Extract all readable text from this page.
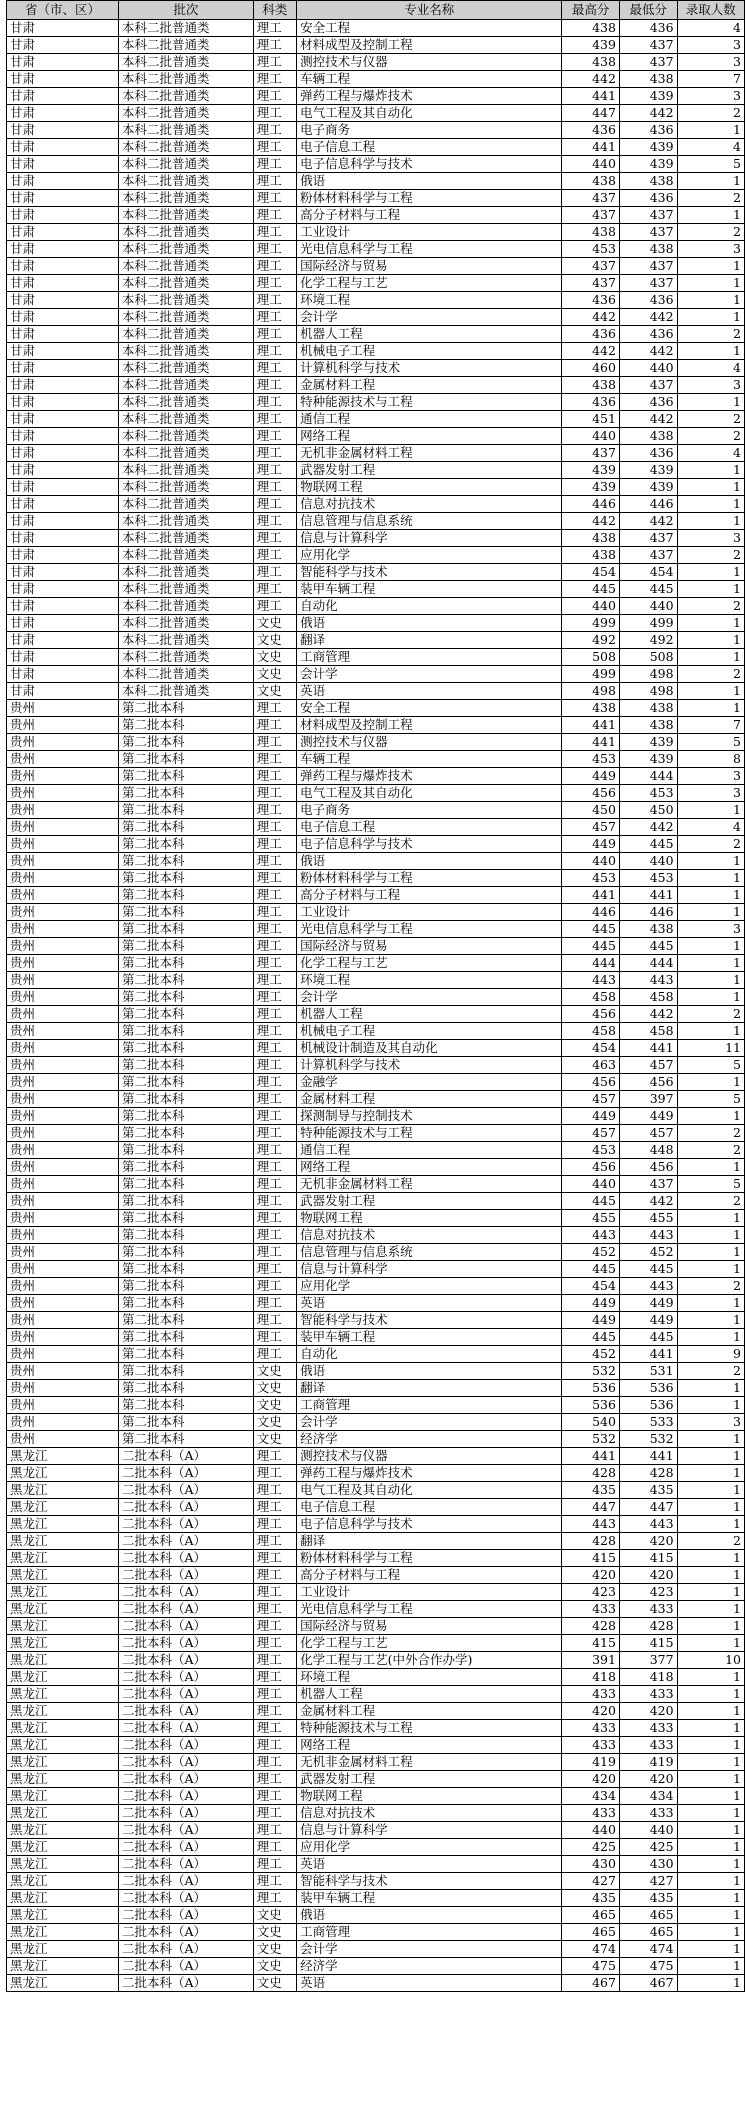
省（市、区）	批次	科类	专业名称	最高分	最低分	录取人数
甘肃	本科二批普通类	理工	安全工程	438	436	4
甘肃	本科二批普通类	理工	材料成型及控制工程	439	437	3
甘肃	本科二批普通类	理工	测控技术与仪器	438	437	3
甘肃	本科二批普通类	理工	车辆工程	442	438	7
甘肃	本科二批普通类	理工	弹药工程与爆炸技术	441	439	3
甘肃	本科二批普通类	理工	电气工程及其自动化	447	442	2
甘肃	本科二批普通类	理工	电子商务	436	436	1
甘肃	本科二批普通类	理工	电子信息工程	441	439	4
甘肃	本科二批普通类	理工	电子信息科学与技术	440	439	5
甘肃	本科二批普通类	理工	俄语	438	438	1
甘肃	本科二批普通类	理工	粉体材料科学与工程	437	436	2
甘肃	本科二批普通类	理工	高分子材料与工程	437	437	1
甘肃	本科二批普通类	理工	工业设计	438	437	2
甘肃	本科二批普通类	理工	光电信息科学与工程	453	438	3
甘肃	本科二批普通类	理工	国际经济与贸易	437	437	1
甘肃	本科二批普通类	理工	化学工程与工艺	437	437	1
甘肃	本科二批普通类	理工	环境工程	436	436	1
甘肃	本科二批普通类	理工	会计学	442	442	1
甘肃	本科二批普通类	理工	机器人工程	436	436	2
甘肃	本科二批普通类	理工	机械电子工程	442	442	1
甘肃	本科二批普通类	理工	计算机科学与技术	460	440	4
甘肃	本科二批普通类	理工	金属材料工程	438	437	3
甘肃	本科二批普通类	理工	特种能源技术与工程	436	436	1
甘肃	本科二批普通类	理工	通信工程	451	442	2
甘肃	本科二批普通类	理工	网络工程	440	438	2
甘肃	本科二批普通类	理工	无机非金属材料工程	437	436	4
甘肃	本科二批普通类	理工	武器发射工程	439	439	1
甘肃	本科二批普通类	理工	物联网工程	439	439	1
甘肃	本科二批普通类	理工	信息对抗技术	446	446	1
甘肃	本科二批普通类	理工	信息管理与信息系统	442	442	1
甘肃	本科二批普通类	理工	信息与计算科学	438	437	3
甘肃	本科二批普通类	理工	应用化学	438	437	2
甘肃	本科二批普通类	理工	智能科学与技术	454	454	1
甘肃	本科二批普通类	理工	装甲车辆工程	445	445	1
甘肃	本科二批普通类	理工	自动化	440	440	2
甘肃	本科二批普通类	文史	俄语	499	499	1
甘肃	本科二批普通类	文史	翻译	492	492	1
甘肃	本科二批普通类	文史	工商管理	508	508	1
甘肃	本科二批普通类	文史	会计学	499	498	2
甘肃	本科二批普通类	文史	英语	498	498	1
贵州	第二批本科	理工	安全工程	438	438	1
贵州	第二批本科	理工	材料成型及控制工程	441	438	7
贵州	第二批本科	理工	测控技术与仪器	441	439	5
贵州	第二批本科	理工	车辆工程	453	439	8
贵州	第二批本科	理工	弹药工程与爆炸技术	449	444	3
贵州	第二批本科	理工	电气工程及其自动化	456	453	3
贵州	第二批本科	理工	电子商务	450	450	1
贵州	第二批本科	理工	电子信息工程	457	442	4
贵州	第二批本科	理工	电子信息科学与技术	449	445	2
贵州	第二批本科	理工	俄语	440	440	1
贵州	第二批本科	理工	粉体材料科学与工程	453	453	1
贵州	第二批本科	理工	高分子材料与工程	441	441	1
贵州	第二批本科	理工	工业设计	446	446	1
贵州	第二批本科	理工	光电信息科学与工程	445	438	3
贵州	第二批本科	理工	国际经济与贸易	445	445	1
贵州	第二批本科	理工	化学工程与工艺	444	444	1
贵州	第二批本科	理工	环境工程	443	443	1
贵州	第二批本科	理工	会计学	458	458	1
贵州	第二批本科	理工	机器人工程	456	442	2
贵州	第二批本科	理工	机械电子工程	458	458	1
贵州	第二批本科	理工	机械设计制造及其自动化	454	441	11
贵州	第二批本科	理工	计算机科学与技术	463	457	5
贵州	第二批本科	理工	金融学	456	456	1
贵州	第二批本科	理工	金属材料工程	457	397	5
贵州	第二批本科	理工	探测制导与控制技术	449	449	1
贵州	第二批本科	理工	特种能源技术与工程	457	457	2
贵州	第二批本科	理工	通信工程	453	448	2
贵州	第二批本科	理工	网络工程	456	456	1
贵州	第二批本科	理工	无机非金属材料工程	440	437	5
贵州	第二批本科	理工	武器发射工程	445	442	2
贵州	第二批本科	理工	物联网工程	455	455	1
贵州	第二批本科	理工	信息对抗技术	443	443	1
贵州	第二批本科	理工	信息管理与信息系统	452	452	1
贵州	第二批本科	理工	信息与计算科学	445	445	1
贵州	第二批本科	理工	应用化学	454	443	2
贵州	第二批本科	理工	英语	449	449	1
贵州	第二批本科	理工	智能科学与技术	449	449	1
贵州	第二批本科	理工	装甲车辆工程	445	445	1
贵州	第二批本科	理工	自动化	452	441	9
贵州	第二批本科	文史	俄语	532	531	2
贵州	第二批本科	文史	翻译	536	536	1
贵州	第二批本科	文史	工商管理	536	536	1
贵州	第二批本科	文史	会计学	540	533	3
贵州	第二批本科	文史	经济学	532	532	1
黑龙江	二批本科（A）	理工	测控技术与仪器	441	441	1
黑龙江	二批本科（A）	理工	弹药工程与爆炸技术	428	428	1
黑龙江	二批本科（A）	理工	电气工程及其自动化	435	435	1
黑龙江	二批本科（A）	理工	电子信息工程	447	447	1
黑龙江	二批本科（A）	理工	电子信息科学与技术	443	443	1
黑龙江	二批本科（A）	理工	翻译	428	420	2
黑龙江	二批本科（A）	理工	粉体材料科学与工程	415	415	1
黑龙江	二批本科（A）	理工	高分子材料与工程	420	420	1
黑龙江	二批本科（A）	理工	工业设计	423	423	1
黑龙江	二批本科（A）	理工	光电信息科学与工程	433	433	1
黑龙江	二批本科（A）	理工	国际经济与贸易	428	428	1
黑龙江	二批本科（A）	理工	化学工程与工艺	415	415	1
黑龙江	二批本科（A）	理工	化学工程与工艺(中外合作办学)	391	377	10
黑龙江	二批本科（A）	理工	环境工程	418	418	1
黑龙江	二批本科（A）	理工	机器人工程	433	433	1
黑龙江	二批本科（A）	理工	金属材料工程	420	420	1
黑龙江	二批本科（A）	理工	特种能源技术与工程	433	433	1
黑龙江	二批本科（A）	理工	网络工程	433	433	1
黑龙江	二批本科（A）	理工	无机非金属材料工程	419	419	1
黑龙江	二批本科（A）	理工	武器发射工程	420	420	1
黑龙江	二批本科（A）	理工	物联网工程	434	434	1
黑龙江	二批本科（A）	理工	信息对抗技术	433	433	1
黑龙江	二批本科（A）	理工	信息与计算科学	440	440	1
黑龙江	二批本科（A）	理工	应用化学	425	425	1
黑龙江	二批本科（A）	理工	英语	430	430	1
黑龙江	二批本科（A）	理工	智能科学与技术	427	427	1
黑龙江	二批本科（A）	理工	装甲车辆工程	435	435	1
黑龙江	二批本科（A）	文史	俄语	465	465	1
黑龙江	二批本科（A）	文史	工商管理	465	465	1
黑龙江	二批本科（A）	文史	会计学	474	474	1
黑龙江	二批本科（A）	文史	经济学	475	475	1
黑龙江	二批本科（A）	文史	英语	467	467	1
